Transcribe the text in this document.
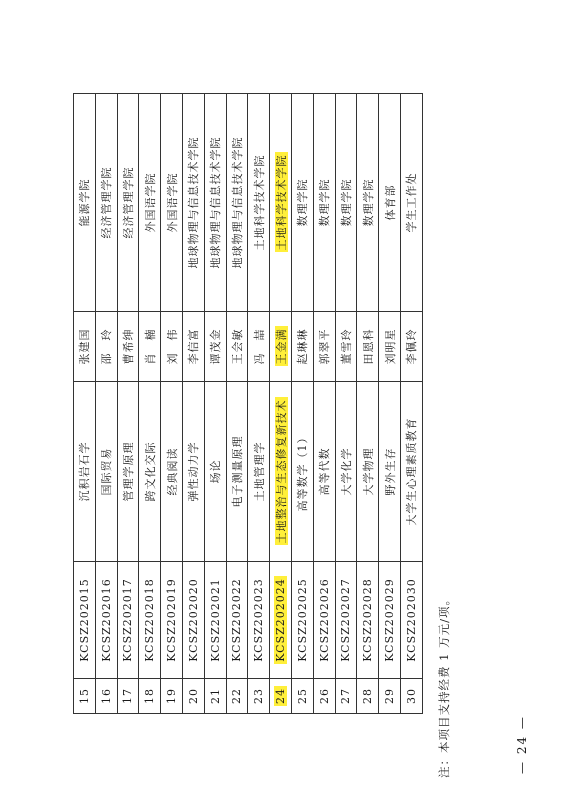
15	KCSZ202015	沉积岩石学	张建国	能源学院
16	KCSZ202016	国际贸易	邵　玲	经济管理学院
17	KCSZ202017	管理学原理	曹希绅	经济管理学院
18	KCSZ202018	跨文化交际	肖　楠	外国语学院
19	KCSZ202019	经典阅读	刘　伟	外国语学院
20	KCSZ202020	弹性动力学	李信富	地球物理与信息技术学院
21	KCSZ202021	场论	谭茂金	地球物理与信息技术学院
22	KCSZ202022	电子测量原理	王会敏	地球物理与信息技术学院
23	KCSZ202023	土地管理学	冯　喆	土地科学技术学院
24	KCSZ202024	土地整治与生态修复新技术	王金满	土地科学技术学院
25	KCSZ202025	高等数学（1）	赵琳琳	数理学院
26	KCSZ202026	高等代数	郭翠平	数理学院
27	KCSZ202027	大学化学	董雪玲	数理学院
28	KCSZ202028	大学物理	田恩科	数理学院
29	KCSZ202029	野外生存	刘明星	体育部
30	KCSZ202030	大学生心理素质教育	李佩玲	学生工作处
注：本项目支持经费 1 万元/项。	— 24 —
